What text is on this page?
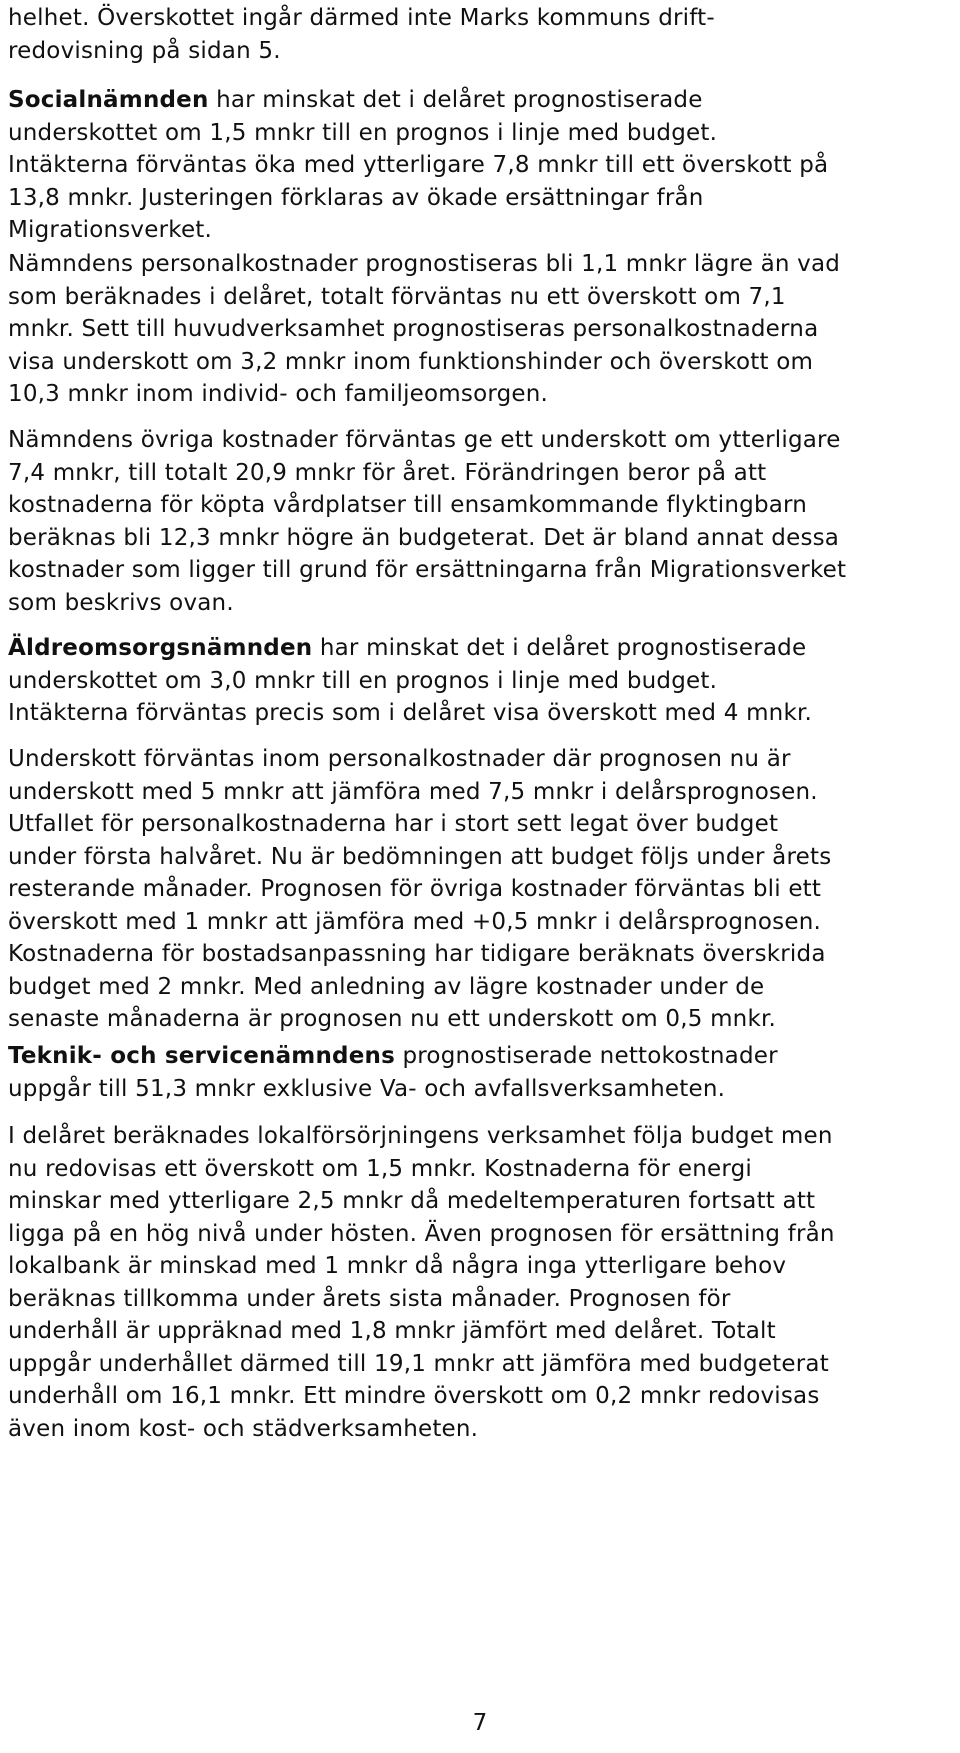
helhet. Överskottet ingår därmed inte Marks kommuns drift-
redovisning på sidan 5.

Socialnämnden har minskat det i delåret prognostiserade
underskottet om 1,5 mnkr till en prognos i linje med budget.
Intäkterna förväntas öka med ytterligare 7,8 mnkr till ett överskott på
13,8 mnkr. Justeringen förklaras av ökade ersättningar från
Migrationsverket.

Nämndens personalkostnader prognostiseras bli 1,1 mnkr lägre än vad
som beräknades i delåret, totalt förväntas nu ett överskott om 7,1
mnkr. Sett till huvudverksamhet prognostiseras personalkostnaderna
visa underskott om 3,2 mnkr inom funktionshinder och överskott om
10,3 mnkr inom individ- och familjeomsorgen.

Nämndens övriga kostnader förväntas ge ett underskott om ytterligare
7,4 mnkr, till totalt 20,9 mnkr för året. Förändringen beror på att
kostnaderna för köpta vårdplatser till ensamkommande flyktingbarn
beräknas bli 12,3 mnkr högre än budgeterat. Det är bland annat dessa
kostnader som ligger till grund för ersättningarna från Migrationsverket
som beskrivs ovan.

Äldreomsorgsnämnden har minskat det i delåret prognostiserade
underskottet om 3,0 mnkr till en prognos i linje med budget.
Intäkterna förväntas precis som i delåret visa överskott med 4 mnkr.

Underskott förväntas inom personalkostnader där prognosen nu är
underskott med 5 mnkr att jämföra med 7,5 mnkr i delårsprognosen.
Utfallet för personalkostnaderna har i stort sett legat över budget
under första halvåret. Nu är bedömningen att budget följs under årets
resterande månader. Prognosen för övriga kostnader förväntas bli ett
överskott med 1 mnkr att jämföra med +0,5 mnkr i delårsprognosen.
Kostnaderna för bostadsanpassning har tidigare beräknats överskrida
budget med 2 mnkr. Med anledning av lägre kostnader under de
senaste månaderna är prognosen nu ett underskott om 0,5 mnkr.

Teknik- och servicenämndens prognostiserade nettokostnader
uppgår till 51,3 mnkr exklusive Va- och avfallsverksamheten.

I delåret beräknades lokalförsörjningens verksamhet följa budget men
nu redovisas ett överskott om 1,5 mnkr. Kostnaderna för energi
minskar med ytterligare 2,5 mnkr då medeltemperaturen fortsatt att
ligga på en hög nivå under hösten. Även prognosen för ersättning från
lokalbank är minskad med 1 mnkr då några inga ytterligare behov
beräknas tillkomma under årets sista månader. Prognosen för
underhåll är uppräknad med 1,8 mnkr jämfört med delåret. Totalt
uppgår underhållet därmed till 19,1 mnkr att jämföra med budgeterat
underhåll om 16,1 mnkr. Ett mindre överskott om 0,2 mnkr redovisas
även inom kost- och städverksamheten.

7
